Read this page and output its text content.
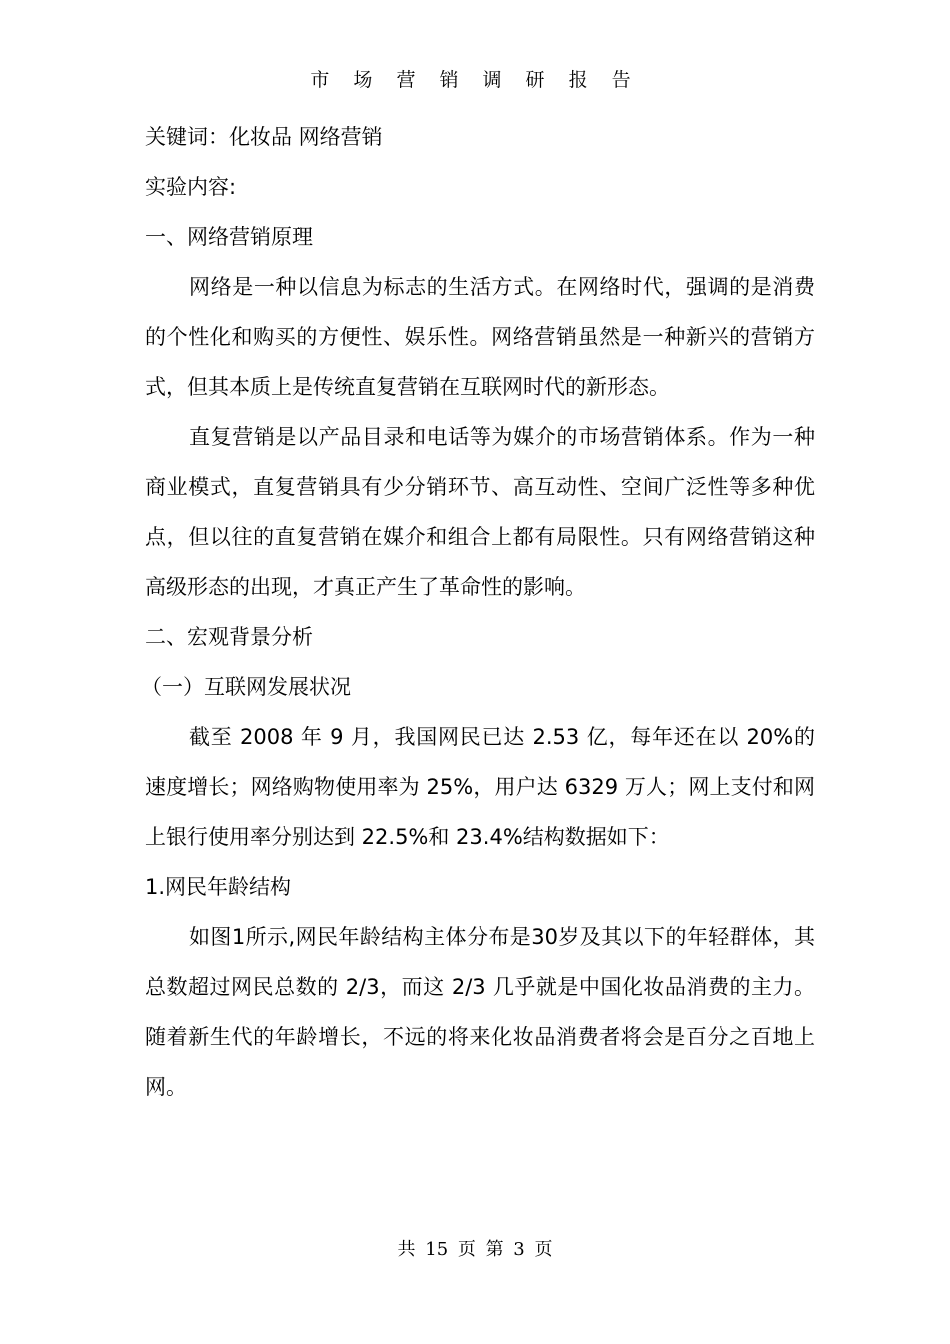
市 场 营 销 调 研 报 告

关键词：化妆品 网络营销

实验内容:

一、网络营销原理

网络是一种以信息为标志的生活方式。在网络时代，强调的是消费的个性化和购买的方便性、娱乐性。网络营销虽然是一种新兴的营销方式，但其本质上是传统直复营销在互联网时代的新形态。

直复营销是以产品目录和电话等为媒介的市场营销体系。作为一种商业模式，直复营销具有少分销环节、高互动性、空间广泛性等多种优点，但以往的直复营销在媒介和组合上都有局限性。只有网络营销这种高级形态的出现，才真正产生了革命性的影响。

二、宏观背景分析

（一）互联网发展状况

截至 2008 年 9 月，我国网民已达 2.53 亿，每年还在以 20%的速度增长；网络购物使用率为 25%，用户达 6329 万人；网上支付和网上银行使用率分别达到 22.5%和 23.4%结构数据如下：

1.网民年龄结构

如图1所示,网民年龄结构主体分布是30岁及其以下的年轻群体，其总数超过网民总数的 2/3，而这 2/3 几乎就是中国化妆品消费的主力。随着新生代的年龄增长，不远的将来化妆品消费者将会是百分之百地上网。

共 15 页 第 3 页
